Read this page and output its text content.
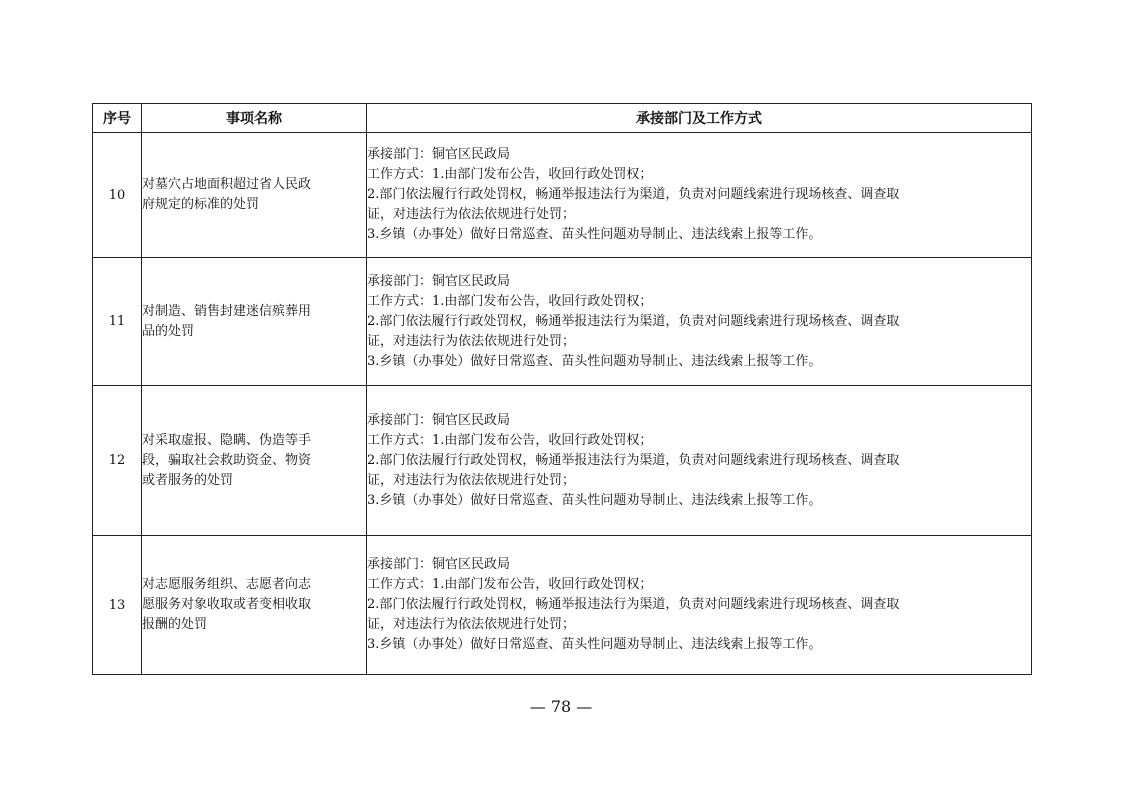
序号	事项名称	承接部门及工作方式
10	对墓穴占地面积超过省人民政
府规定的标准的处罚	承接部门：铜官区民政局
工作方式：1.由部门发布公告，收回行政处罚权；
2.部门依法履行行政处罚权，畅通举报违法行为渠道，负责对问题线索进行现场核查、调查取
证，对违法行为依法依规进行处罚；
3.乡镇（办事处）做好日常巡查、苗头性问题劝导制止、违法线索上报等工作。

11	对制造、销售封建迷信殡葬用
品的处罚	承接部门：铜官区民政局
工作方式：1.由部门发布公告，收回行政处罚权；
2.部门依法履行行政处罚权，畅通举报违法行为渠道，负责对问题线索进行现场核查、调查取
证，对违法行为依法依规进行处罚；
3.乡镇（办事处）做好日常巡查、苗头性问题劝导制止、违法线索上报等工作。

12	对采取虚报、隐瞒、伪造等手
段，骗取社会救助资金、物资
或者服务的处罚	承接部门：铜官区民政局
工作方式：1.由部门发布公告，收回行政处罚权；
2.部门依法履行行政处罚权，畅通举报违法行为渠道，负责对问题线索进行现场核查、调查取
证，对违法行为依法依规进行处罚；
3.乡镇（办事处）做好日常巡查、苗头性问题劝导制止、违法线索上报等工作。

13	对志愿服务组织、志愿者向志
愿服务对象收取或者变相收取
报酬的处罚	承接部门：铜官区民政局
工作方式：1.由部门发布公告，收回行政处罚权；
2.部门依法履行行政处罚权，畅通举报违法行为渠道，负责对问题线索进行现场核查、调查取
证，对违法行为依法依规进行处罚；
3.乡镇（办事处）做好日常巡查、苗头性问题劝导制止、违法线索上报等工作。
— 78 —
